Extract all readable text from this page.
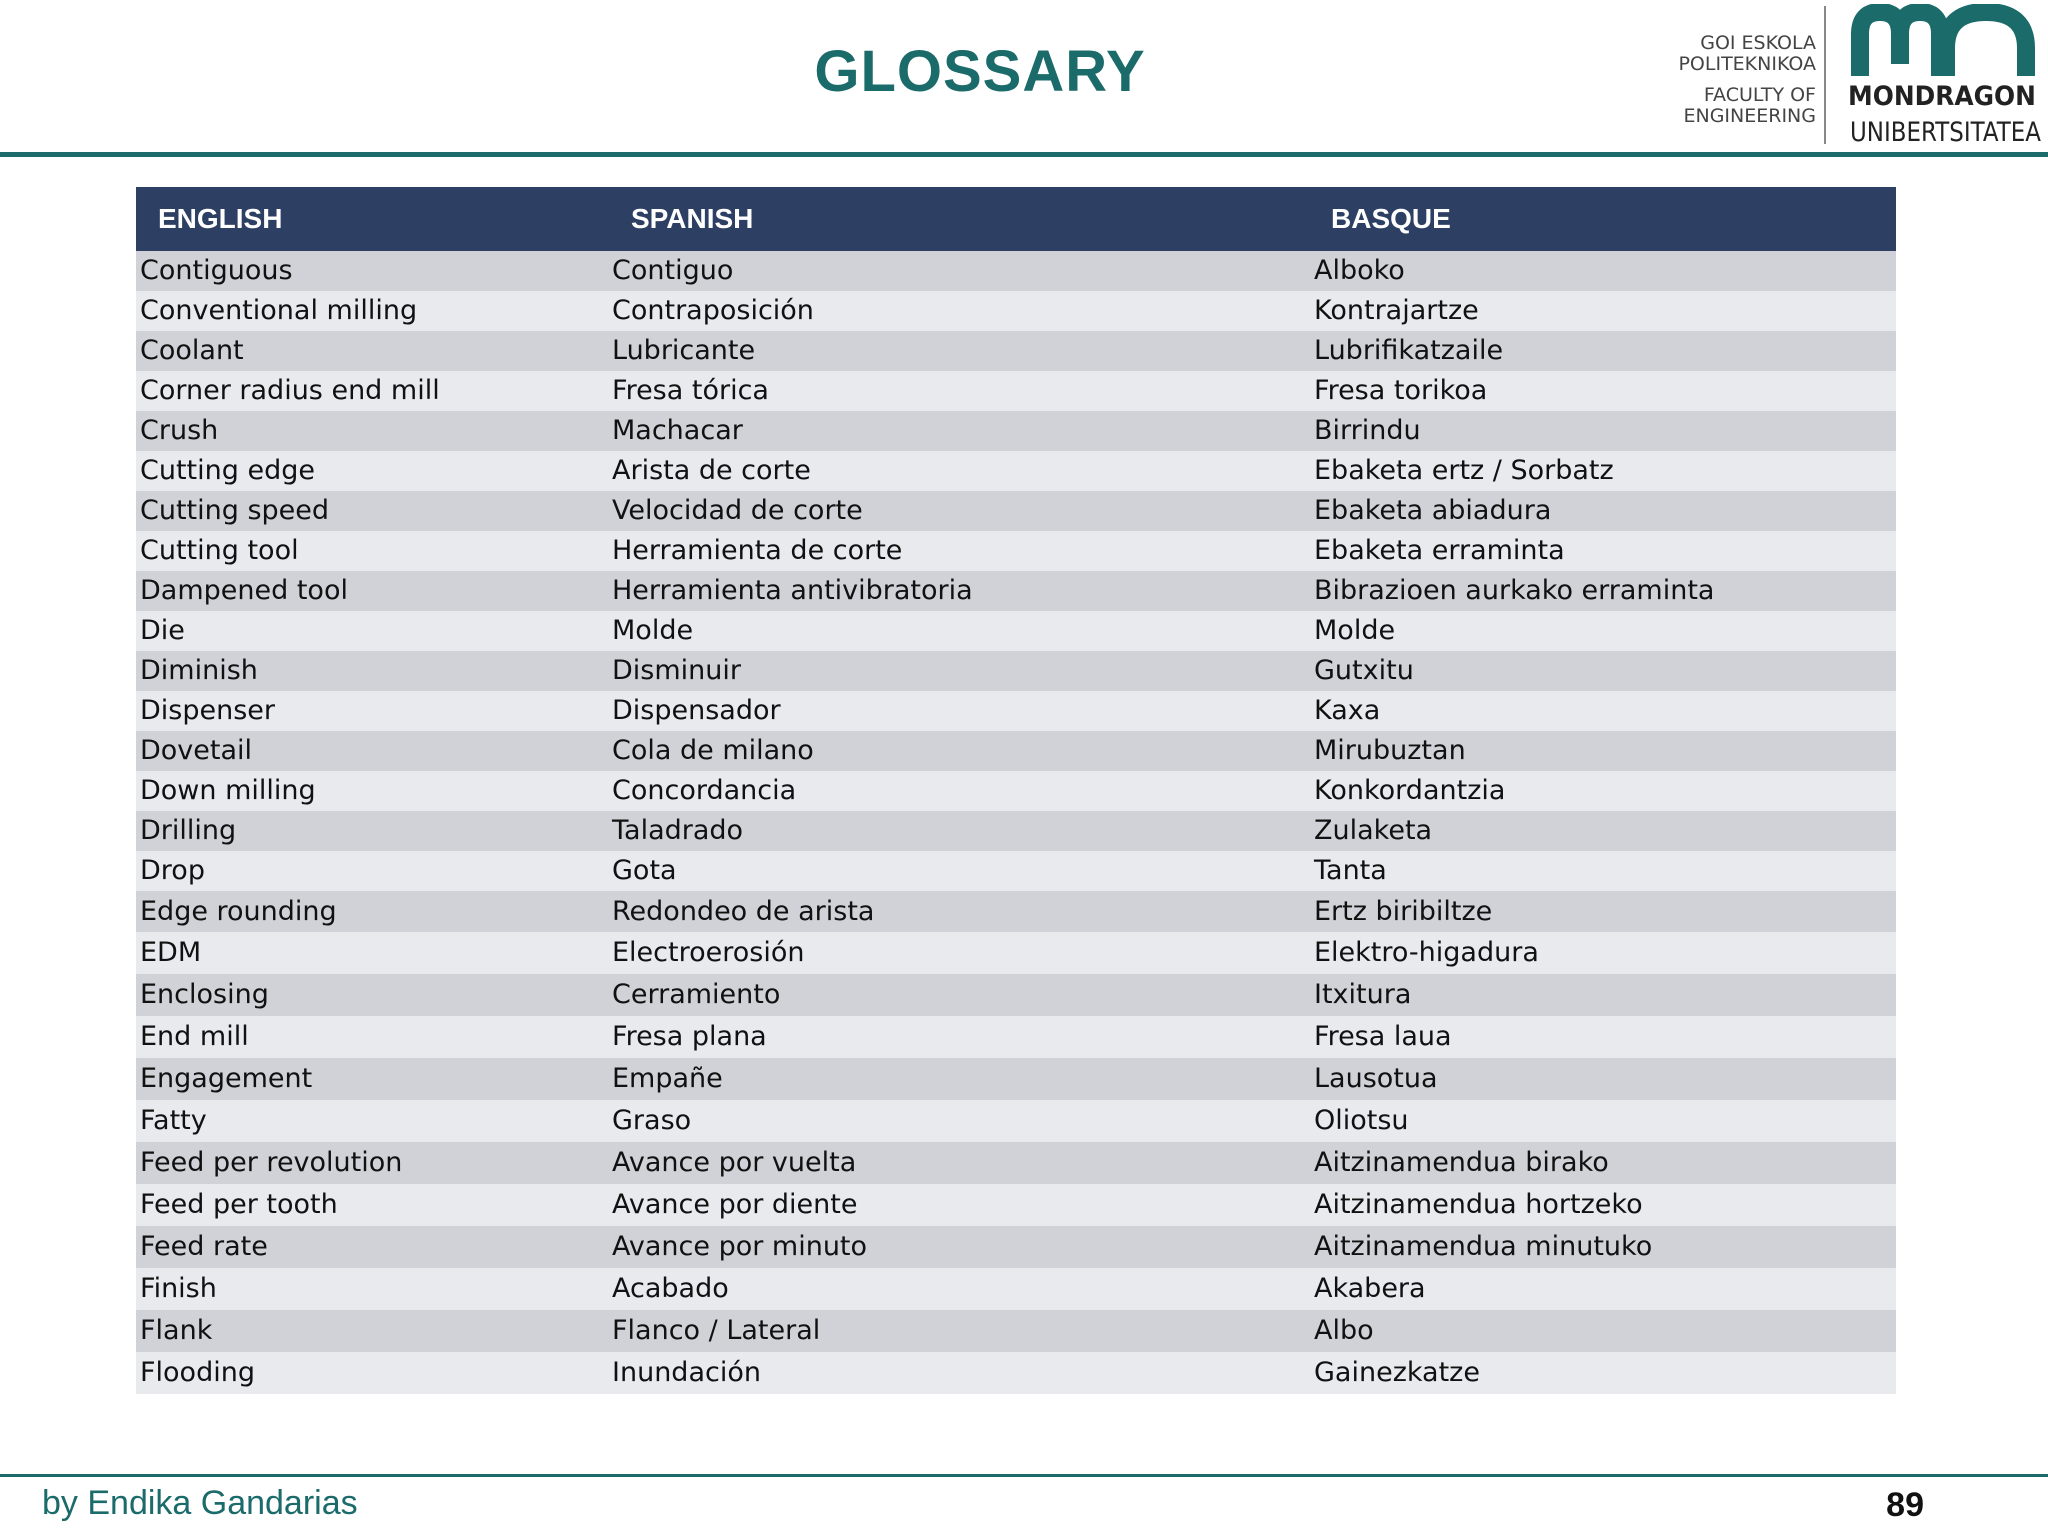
GLOSSARY	GOI ESKOLA
POLITEKNIKOA
FACULTY OF
ENGINEERING
MONDRAGON
UNIBERTSITATEA
ENGLISH	SPANISH	BASQUE
Contiguous	Contiguo	Alboko
Conventional milling	Contraposición	Kontrajartze
Coolant	Lubricante	Lubrifikatzaile
Corner radius end mill	Fresa tórica	Fresa torikoa
Crush	Machacar	Birrindu
Cutting edge	Arista de corte	Ebaketa ertz / Sorbatz
Cutting speed	Velocidad de corte	Ebaketa abiadura
Cutting tool	Herramienta de corte	Ebaketa erraminta
Dampened tool	Herramienta antivibratoria	Bibrazioen aurkako erraminta
Die	Molde	Molde
Diminish	Disminuir	Gutxitu
Dispenser	Dispensador	Kaxa
Dovetail	Cola de milano	Mirubuztan
Down milling	Concordancia	Konkordantzia
Drilling	Taladrado	Zulaketa
Drop	Gota	Tanta
Edge rounding	Redondeo de arista	Ertz biribiltze
EDM	Electroerosión	Elektro-higadura
Enclosing	Cerramiento	Itxitura
End mill	Fresa plana	Fresa laua
Engagement	Empañe	Lausotua
Fatty	Graso	Oliotsu
Feed per revolution	Avance por vuelta	Aitzinamendua birako
Feed per tooth	Avance por diente	Aitzinamendua hortzeko
Feed rate	Avance por minuto	Aitzinamendua minutuko
Finish	Acabado	Akabera
Flank	Flanco / Lateral	Albo
Flooding	Inundación	Gainezkatze
by Endika Gandarias	89
